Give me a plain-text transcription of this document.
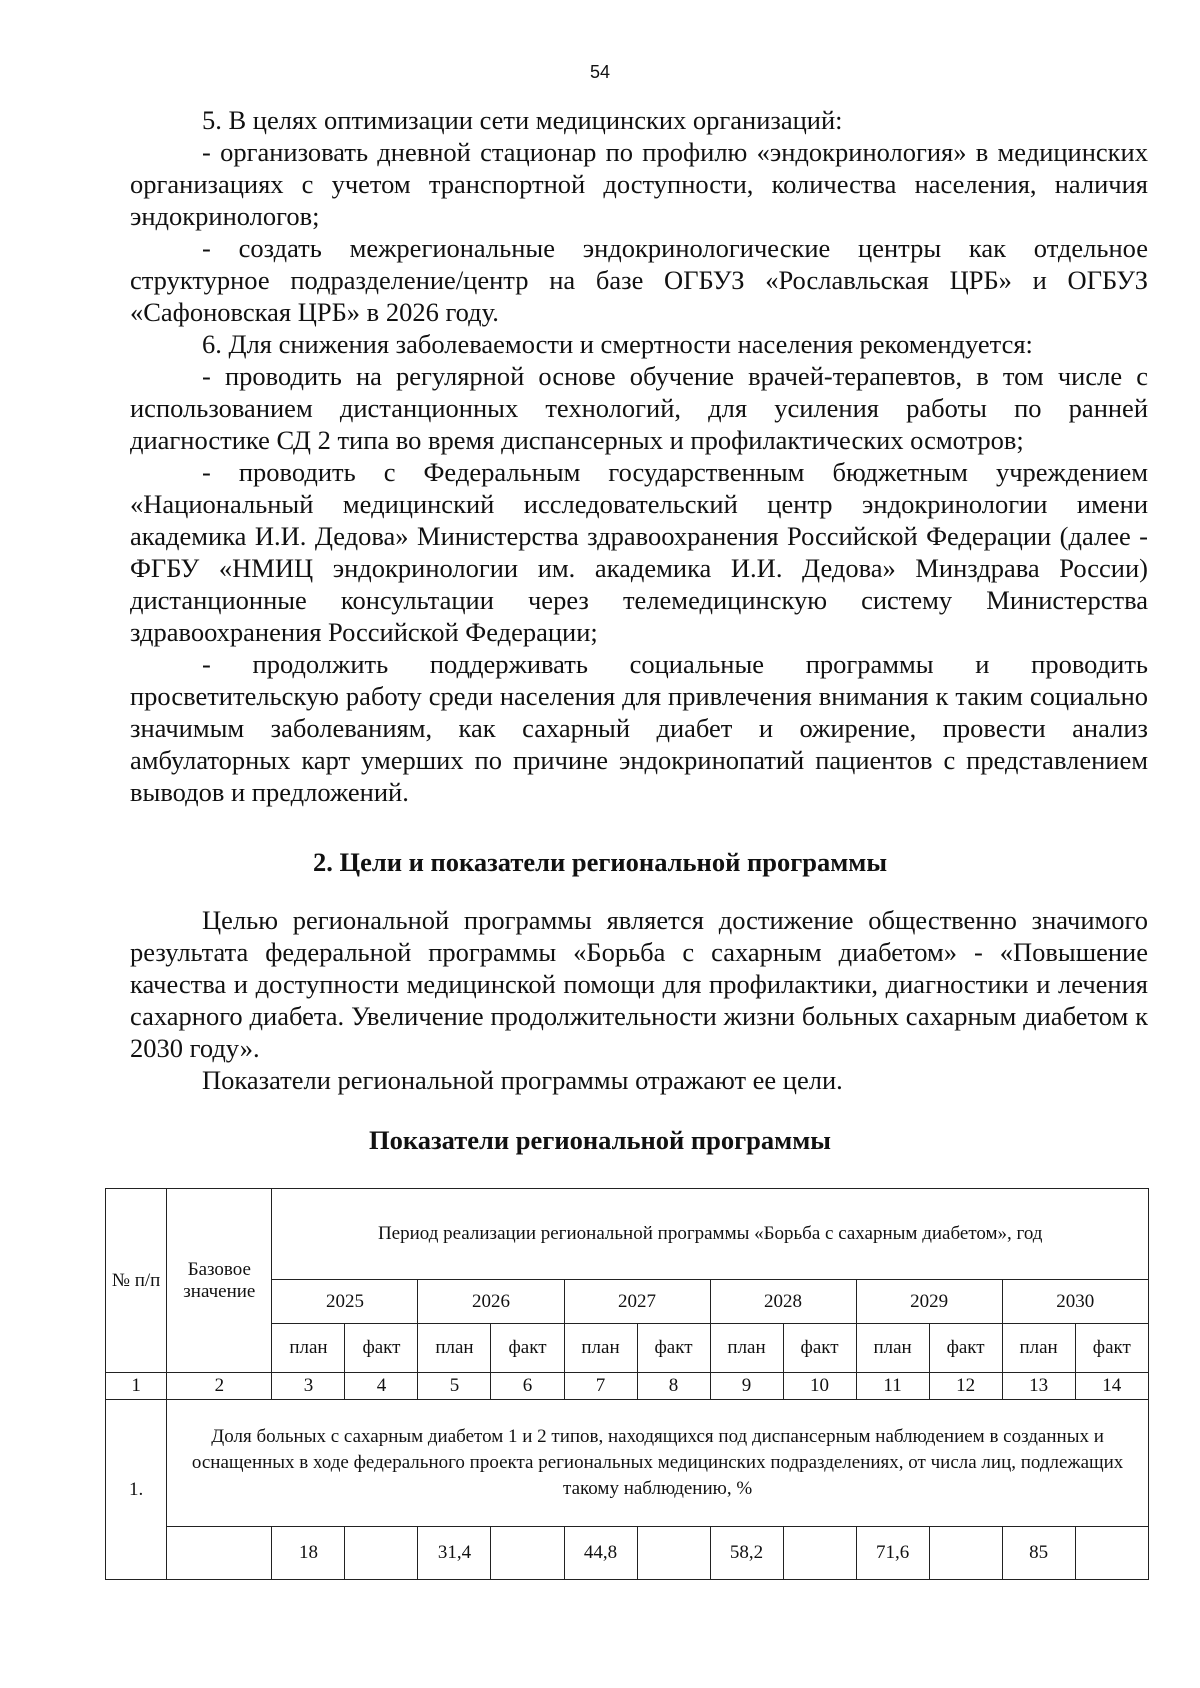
54

5. В целях оптимизации сети медицинских организаций:

- организовать дневной стационар по профилю «эндокринология» в медицинских организациях с учетом транспортной доступности, количества населения, наличия эндокринологов;

- создать межрегиональные эндокринологические центры как отдельное структурное подразделение/центр на базе ОГБУЗ «Рославльская ЦРБ» и ОГБУЗ «Сафоновская ЦРБ» в 2026 году.

6. Для снижения заболеваемости и смертности населения рекомендуется:

- проводить на регулярной основе обучение врачей-терапевтов, в том числе с использованием дистанционных технологий, для усиления работы по ранней диагностике СД 2 типа во время диспансерных и профилактических осмотров;

- проводить с Федеральным государственным бюджетным учреждением «Национальный медицинский исследовательский центр эндокринологии имени академика И.И. Дедова» Министерства здравоохранения Российской Федерации (далее - ФГБУ «НМИЦ эндокринологии им. академика И.И. Дедова» Минздрава России) дистанционные консультации через телемедицинскую систему Министерства здравоохранения Российской Федерации;

- продолжить поддерживать социальные программы и проводить просветительскую работу среди населения для привлечения внимания к таким социально значимым заболеваниям, как сахарный диабет и ожирение, провести анализ амбулаторных карт умерших по причине эндокринопатий пациентов с представлением выводов и предложений.

2. Цели и показатели региональной программы

Целью региональной программы является достижение общественно значимого результата федеральной программы «Борьба с сахарным диабетом» - «Повышение качества и доступности медицинской помощи для профилактики, диагностики и лечения сахарного диабета. Увеличение продолжительности жизни больных сахарным диабетом к 2030 году».

Показатели региональной программы отражают ее цели.

Показатели региональной программы
№ п/п	Базовое значение	Период реализации региональной программы «Борьба с сахарным диабетом», год											
		2025		2026		2027		2028		2029		2030	
		план	факт	план	факт	план	факт	план	факт	план	факт	план	факт
1	2	3	4	5	6	7	8	9	10	11	12	13	14
1.	Доля больных с сахарным диабетом 1 и 2 типов, находящихся под диспансерным наблюдением в созданных и оснащенных в ходе федерального проекта региональных медицинских подразделениях, от числа лиц, подлежащих такому наблюдению, %												
		18		31,4		44,8		58,2		71,6		85	
